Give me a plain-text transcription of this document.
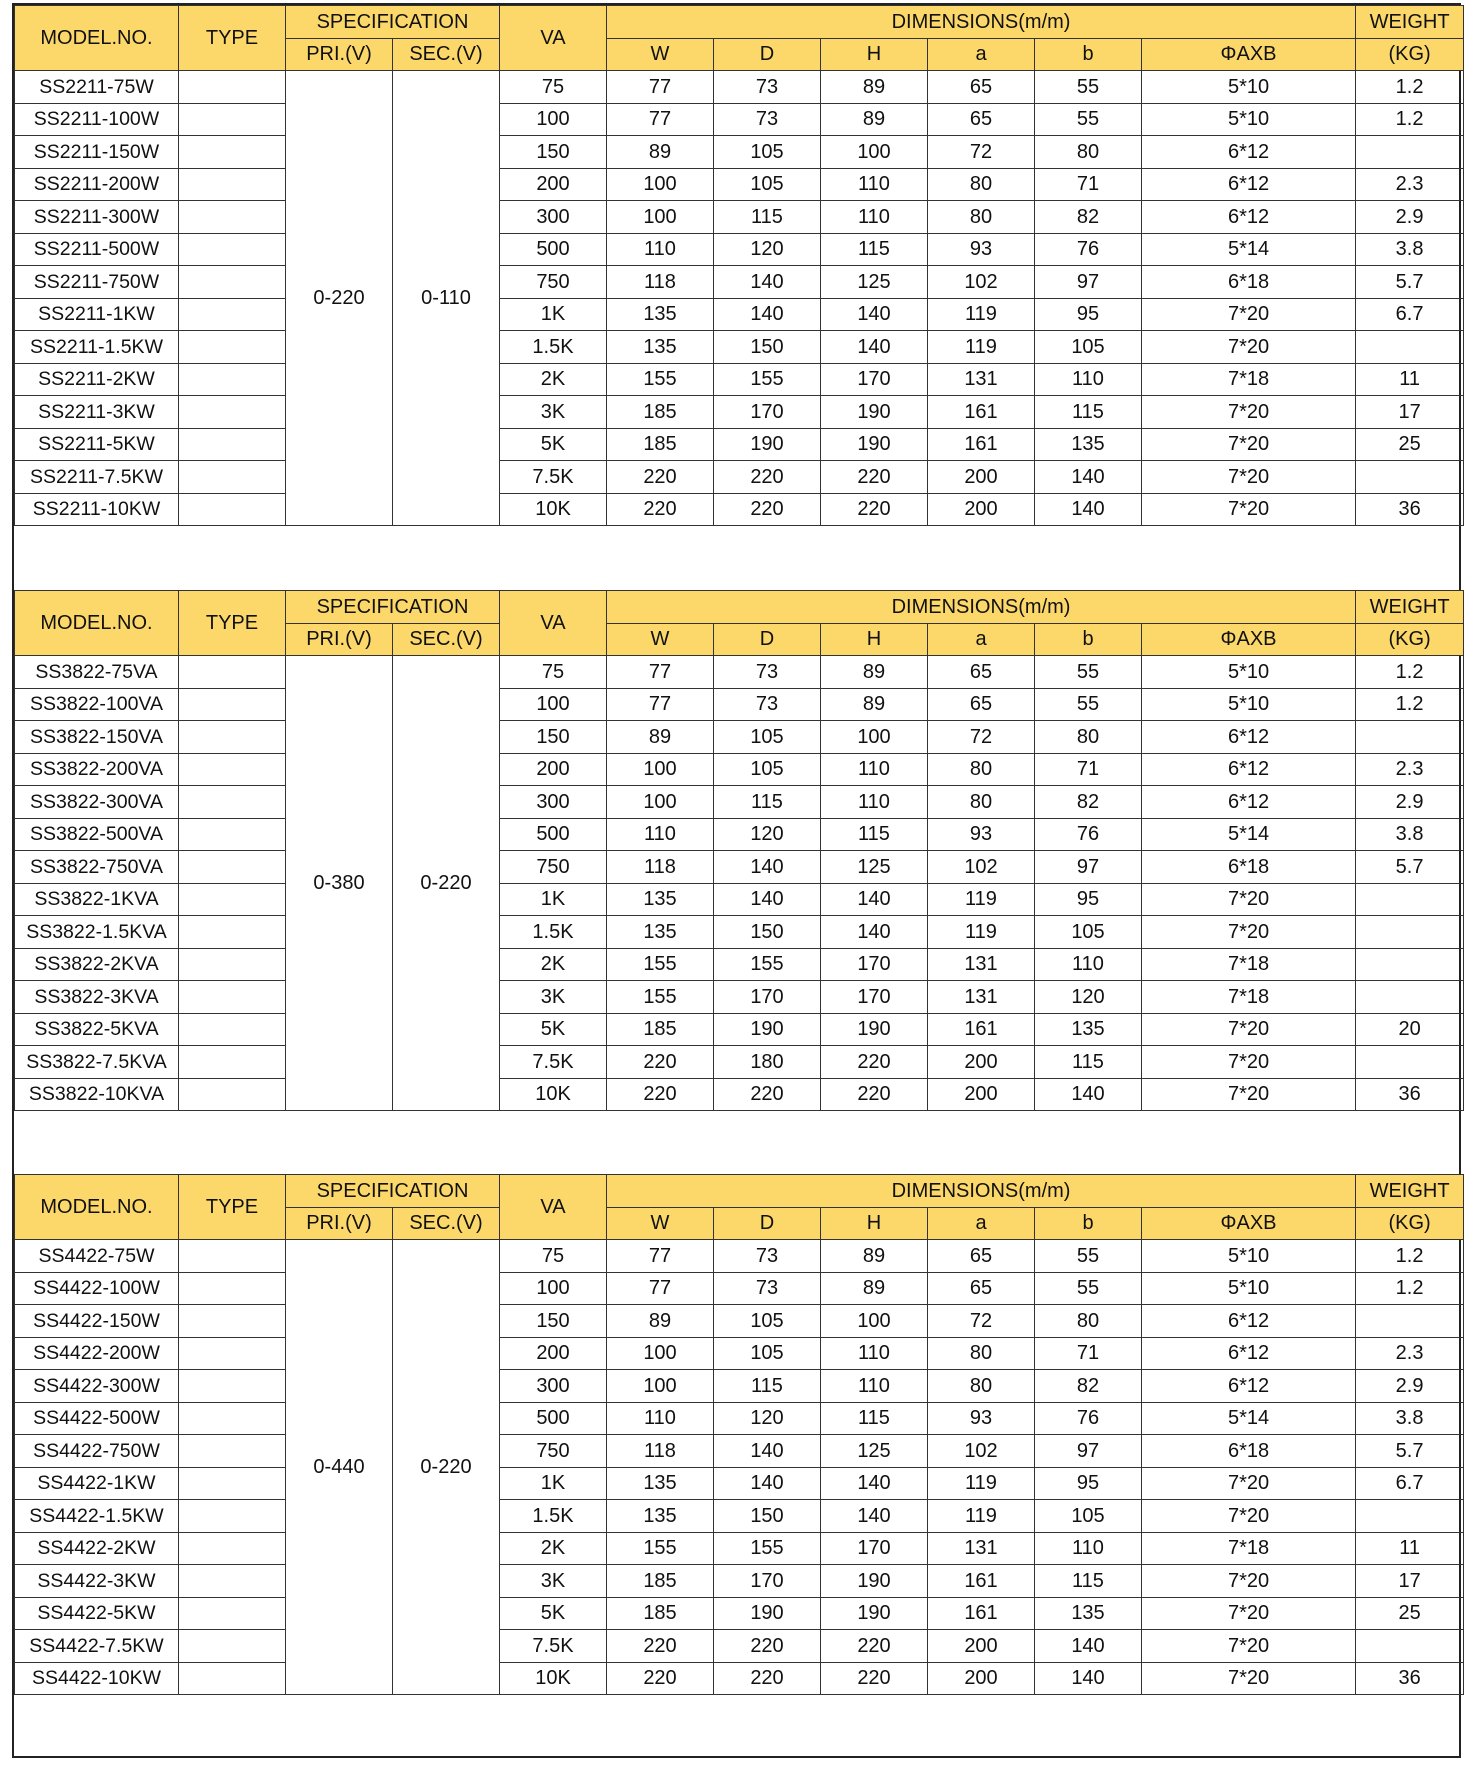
MODEL.NO.	TYPE	SPECIFICATION		VA	DIMENSIONS(m/m)						WEIGHT
		PRI.(V)	SEC.(V)		W	D	H	a	b	ΦAXB	(KG)
SS2211-75W		0-220	0-110	75	77	73	89	65	55	5*10	1.2
SS2211-100W				100	77	73	89	65	55	5*10	1.2
SS2211-150W				150	89	105	100	72	80	6*12	
SS2211-200W				200	100	105	110	80	71	6*12	2.3
SS2211-300W				300	100	115	110	80	82	6*12	2.9
SS2211-500W				500	110	120	115	93	76	5*14	3.8
SS2211-750W				750	118	140	125	102	97	6*18	5.7
SS2211-1KW				1K	135	140	140	119	95	7*20	6.7
SS2211-1.5KW				1.5K	135	150	140	119	105	7*20	
SS2211-2KW				2K	155	155	170	131	110	7*18	11
SS2211-3KW				3K	185	170	190	161	115	7*20	17
SS2211-5KW				5K	185	190	190	161	135	7*20	25
SS2211-7.5KW				7.5K	220	220	220	200	140	7*20	
SS2211-10KW				10K	220	220	220	200	140	7*20	36
MODEL.NO.	TYPE	SPECIFICATION		VA	DIMENSIONS(m/m)						WEIGHT
		PRI.(V)	SEC.(V)		W	D	H	a	b	ΦAXB	(KG)
SS3822-75VA		0-380	0-220	75	77	73	89	65	55	5*10	1.2
SS3822-100VA				100	77	73	89	65	55	5*10	1.2
SS3822-150VA				150	89	105	100	72	80	6*12	
SS3822-200VA				200	100	105	110	80	71	6*12	2.3
SS3822-300VA				300	100	115	110	80	82	6*12	2.9
SS3822-500VA				500	110	120	115	93	76	5*14	3.8
SS3822-750VA				750	118	140	125	102	97	6*18	5.7
SS3822-1KVA				1K	135	140	140	119	95	7*20	
SS3822-1.5KVA				1.5K	135	150	140	119	105	7*20	
SS3822-2KVA				2K	155	155	170	131	110	7*18	
SS3822-3KVA				3K	155	170	170	131	120	7*18	
SS3822-5KVA				5K	185	190	190	161	135	7*20	20
SS3822-7.5KVA				7.5K	220	180	220	200	115	7*20	
SS3822-10KVA				10K	220	220	220	200	140	7*20	36
MODEL.NO.	TYPE	SPECIFICATION		VA	DIMENSIONS(m/m)						WEIGHT
		PRI.(V)	SEC.(V)		W	D	H	a	b	ΦAXB	(KG)
SS4422-75W		0-440	0-220	75	77	73	89	65	55	5*10	1.2
SS4422-100W				100	77	73	89	65	55	5*10	1.2
SS4422-150W				150	89	105	100	72	80	6*12	
SS4422-200W				200	100	105	110	80	71	6*12	2.3
SS4422-300W				300	100	115	110	80	82	6*12	2.9
SS4422-500W				500	110	120	115	93	76	5*14	3.8
SS4422-750W				750	118	140	125	102	97	6*18	5.7
SS4422-1KW				1K	135	140	140	119	95	7*20	6.7
SS4422-1.5KW				1.5K	135	150	140	119	105	7*20	
SS4422-2KW				2K	155	155	170	131	110	7*18	11
SS4422-3KW				3K	185	170	190	161	115	7*20	17
SS4422-5KW				5K	185	190	190	161	135	7*20	25
SS4422-7.5KW				7.5K	220	220	220	200	140	7*20	
SS4422-10KW				10K	220	220	220	200	140	7*20	36
